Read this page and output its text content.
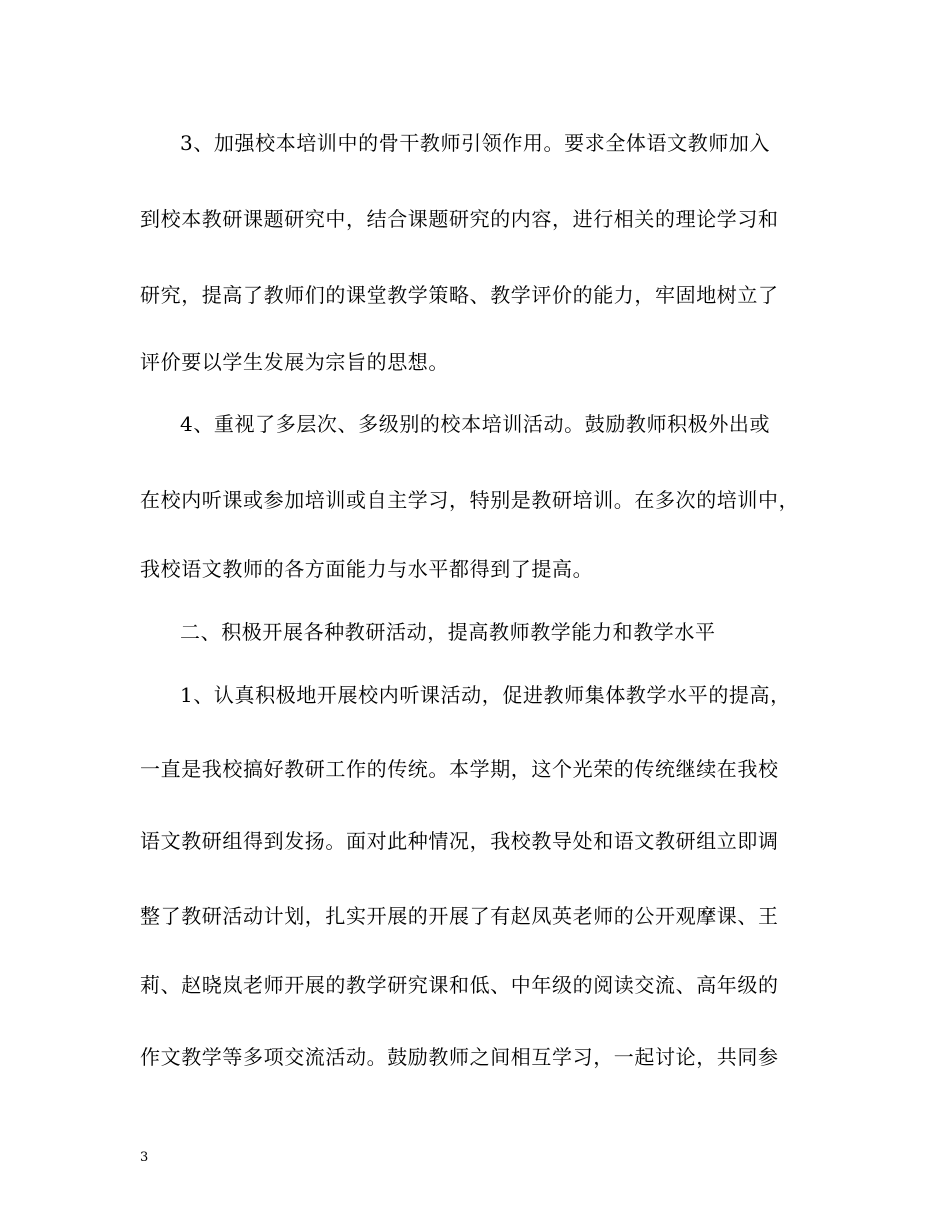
3、加强校本培训中的骨干教师引领作用。要求全体语文教师加入
到校本教研课题研究中，结合课题研究的内容，进行相关的理论学习和
研究，提高了教师们的课堂教学策略、教学评价的能力，牢固地树立了
评价要以学生发展为宗旨的思想。
4、重视了多层次、多级别的校本培训活动。鼓励教师积极外出或
在校内听课或参加培训或自主学习，特别是教研培训。在多次的培训中，
我校语文教师的各方面能力与水平都得到了提高。
二、积极开展各种教研活动，提高教师教学能力和教学水平
1、认真积极地开展校内听课活动，促进教师集体教学水平的提高，
一直是我校搞好教研工作的传统。本学期，这个光荣的传统继续在我校
语文教研组得到发扬。面对此种情况，我校教导处和语文教研组立即调
整了教研活动计划，扎实开展的开展了有赵凤英老师的公开观摩课、王
莉、赵晓岚老师开展的教学研究课和低、中年级的阅读交流、高年级的
作文教学等多项交流活动。鼓励教师之间相互学习，一起讨论，共同参
3
